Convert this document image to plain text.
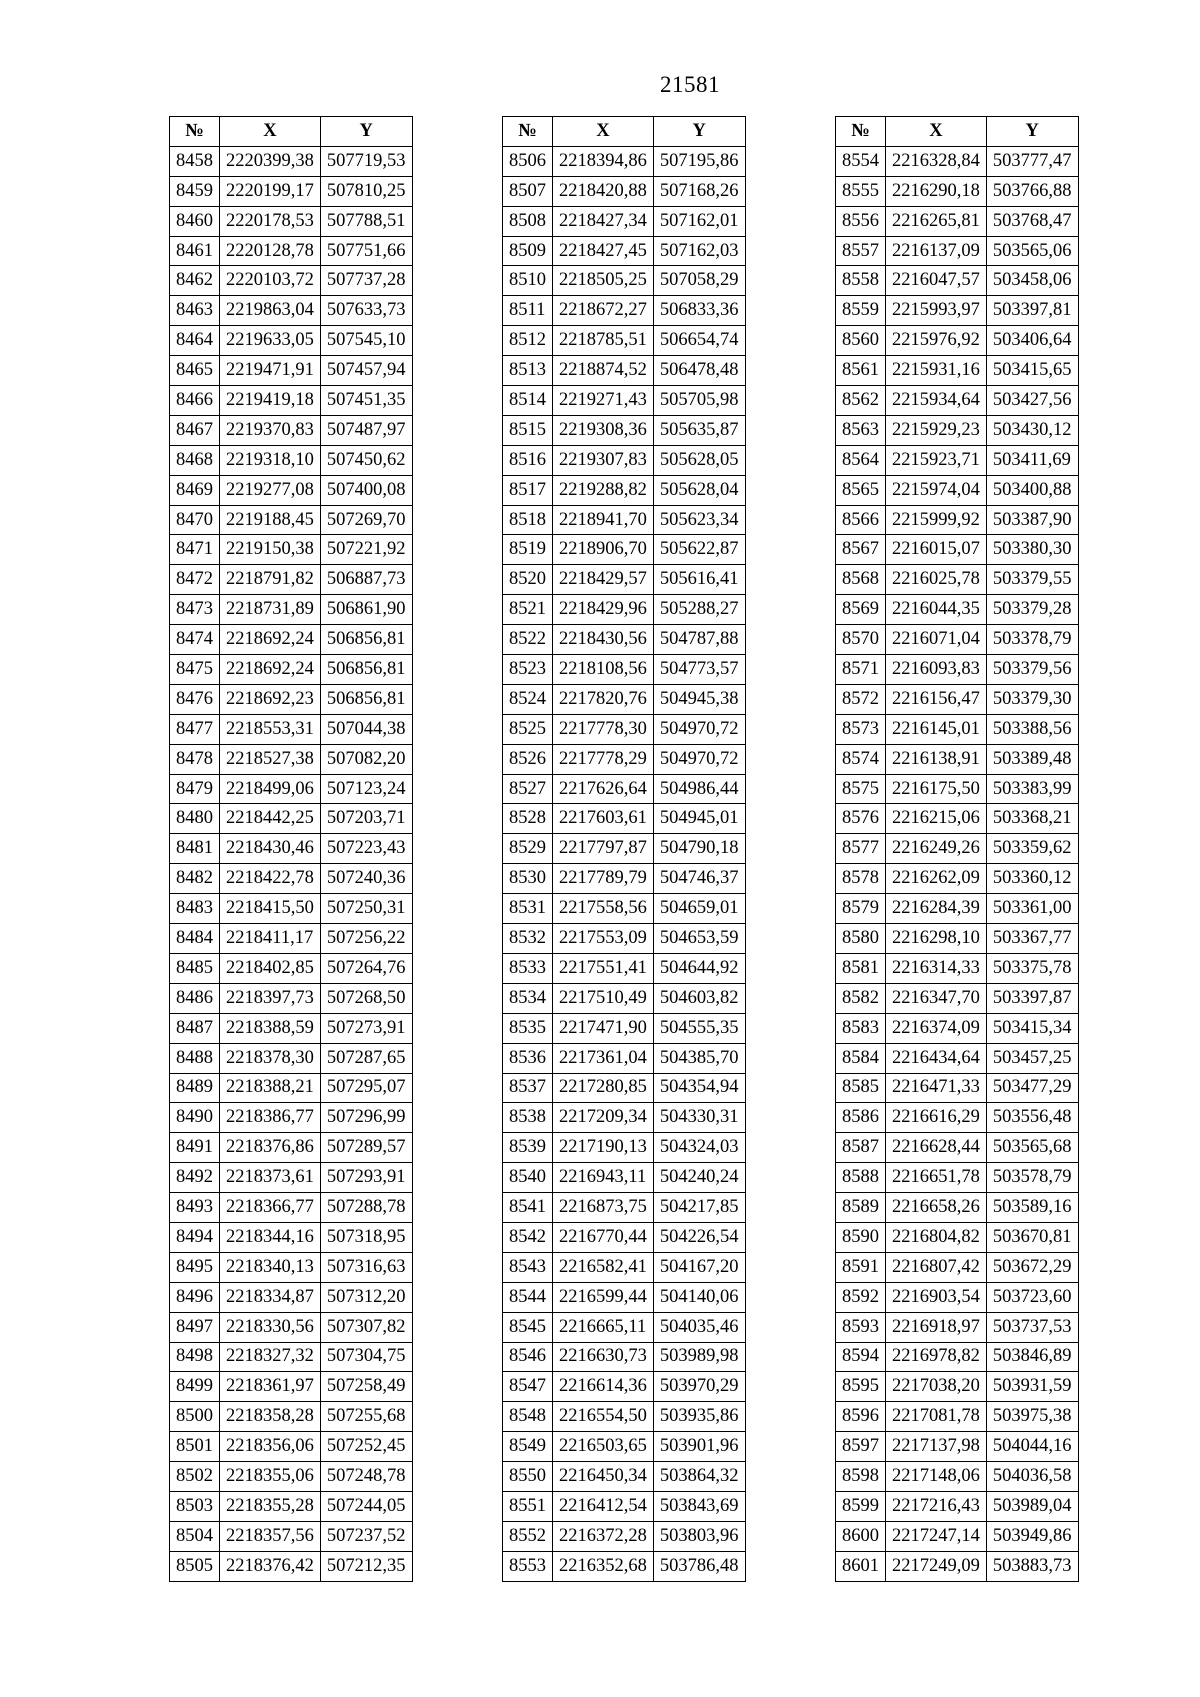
21581
№	X	Y
8458	2220399,38	507719,53
8459	2220199,17	507810,25
8460	2220178,53	507788,51
8461	2220128,78	507751,66
8462	2220103,72	507737,28
8463	2219863,04	507633,73
8464	2219633,05	507545,10
8465	2219471,91	507457,94
8466	2219419,18	507451,35
8467	2219370,83	507487,97
8468	2219318,10	507450,62
8469	2219277,08	507400,08
8470	2219188,45	507269,70
8471	2219150,38	507221,92
8472	2218791,82	506887,73
8473	2218731,89	506861,90
8474	2218692,24	506856,81
8475	2218692,24	506856,81
8476	2218692,23	506856,81
8477	2218553,31	507044,38
8478	2218527,38	507082,20
8479	2218499,06	507123,24
8480	2218442,25	507203,71
8481	2218430,46	507223,43
8482	2218422,78	507240,36
8483	2218415,50	507250,31
8484	2218411,17	507256,22
8485	2218402,85	507264,76
8486	2218397,73	507268,50
8487	2218388,59	507273,91
8488	2218378,30	507287,65
8489	2218388,21	507295,07
8490	2218386,77	507296,99
8491	2218376,86	507289,57
8492	2218373,61	507293,91
8493	2218366,77	507288,78
8494	2218344,16	507318,95
8495	2218340,13	507316,63
8496	2218334,87	507312,20
8497	2218330,56	507307,82
8498	2218327,32	507304,75
8499	2218361,97	507258,49
8500	2218358,28	507255,68
8501	2218356,06	507252,45
8502	2218355,06	507248,78
8503	2218355,28	507244,05
8504	2218357,56	507237,52
8505	2218376,42	507212,35
№	X	Y
8506	2218394,86	507195,86
8507	2218420,88	507168,26
8508	2218427,34	507162,01
8509	2218427,45	507162,03
8510	2218505,25	507058,29
8511	2218672,27	506833,36
8512	2218785,51	506654,74
8513	2218874,52	506478,48
8514	2219271,43	505705,98
8515	2219308,36	505635,87
8516	2219307,83	505628,05
8517	2219288,82	505628,04
8518	2218941,70	505623,34
8519	2218906,70	505622,87
8520	2218429,57	505616,41
8521	2218429,96	505288,27
8522	2218430,56	504787,88
8523	2218108,56	504773,57
8524	2217820,76	504945,38
8525	2217778,30	504970,72
8526	2217778,29	504970,72
8527	2217626,64	504986,44
8528	2217603,61	504945,01
8529	2217797,87	504790,18
8530	2217789,79	504746,37
8531	2217558,56	504659,01
8532	2217553,09	504653,59
8533	2217551,41	504644,92
8534	2217510,49	504603,82
8535	2217471,90	504555,35
8536	2217361,04	504385,70
8537	2217280,85	504354,94
8538	2217209,34	504330,31
8539	2217190,13	504324,03
8540	2216943,11	504240,24
8541	2216873,75	504217,85
8542	2216770,44	504226,54
8543	2216582,41	504167,20
8544	2216599,44	504140,06
8545	2216665,11	504035,46
8546	2216630,73	503989,98
8547	2216614,36	503970,29
8548	2216554,50	503935,86
8549	2216503,65	503901,96
8550	2216450,34	503864,32
8551	2216412,54	503843,69
8552	2216372,28	503803,96
8553	2216352,68	503786,48
№	X	Y
8554	2216328,84	503777,47
8555	2216290,18	503766,88
8556	2216265,81	503768,47
8557	2216137,09	503565,06
8558	2216047,57	503458,06
8559	2215993,97	503397,81
8560	2215976,92	503406,64
8561	2215931,16	503415,65
8562	2215934,64	503427,56
8563	2215929,23	503430,12
8564	2215923,71	503411,69
8565	2215974,04	503400,88
8566	2215999,92	503387,90
8567	2216015,07	503380,30
8568	2216025,78	503379,55
8569	2216044,35	503379,28
8570	2216071,04	503378,79
8571	2216093,83	503379,56
8572	2216156,47	503379,30
8573	2216145,01	503388,56
8574	2216138,91	503389,48
8575	2216175,50	503383,99
8576	2216215,06	503368,21
8577	2216249,26	503359,62
8578	2216262,09	503360,12
8579	2216284,39	503361,00
8580	2216298,10	503367,77
8581	2216314,33	503375,78
8582	2216347,70	503397,87
8583	2216374,09	503415,34
8584	2216434,64	503457,25
8585	2216471,33	503477,29
8586	2216616,29	503556,48
8587	2216628,44	503565,68
8588	2216651,78	503578,79
8589	2216658,26	503589,16
8590	2216804,82	503670,81
8591	2216807,42	503672,29
8592	2216903,54	503723,60
8593	2216918,97	503737,53
8594	2216978,82	503846,89
8595	2217038,20	503931,59
8596	2217081,78	503975,38
8597	2217137,98	504044,16
8598	2217148,06	504036,58
8599	2217216,43	503989,04
8600	2217247,14	503949,86
8601	2217249,09	503883,73
